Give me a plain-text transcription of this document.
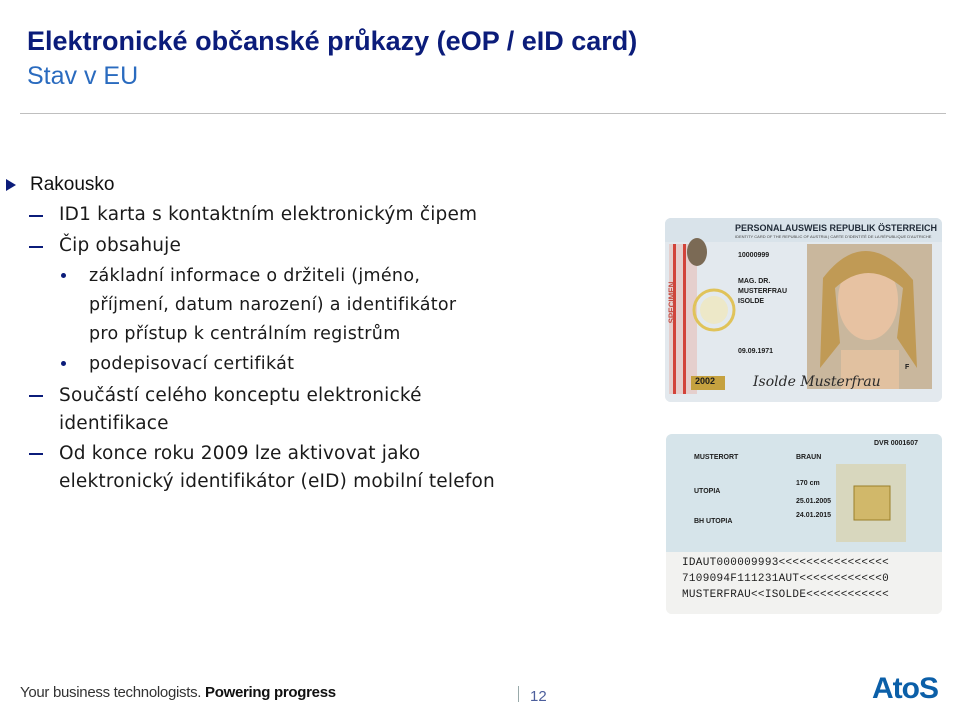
Elektronické občanské průkazy (eOP / eID card)
Stav v EU
Rakousko
ID1 karta s kontaktním elektronickým čipem
Čip obsahuje
základní informace o držiteli (jméno,
příjmení, datum narození) a identifikátor
pro přístup k centrálním registrům
podepisovací certifikát
Součástí celého konceptu elektronické
identifikace
Od konce roku 2009 lze aktivovat jako
elektronický identifikátor (eID) mobilní telefon
PERSONALAUSWEIS REPUBLIK ÖSTERREICH
IDENTITY CARD OF THE REPUBLIC OF AUSTRIA | CARTE D'IDENTITÉ DE LA RÉPUBLIQUE D'AUTRICHE
10000999
MAG. DR.
MUSTERFRAU
ISOLDE
09.09.1971
F
2002	Isolde Musterfrau
SPECIMEN
DVR 0001607
MUSTERORT	BRAUN
170 cm
UTOPIA
25.01.2005
24.01.2015
BH UTOPIA
IDAUT000009993<<<<<<<<<<<<<<<<
7109094F111231AUT<<<<<<<<<<<<0
MUSTERFRAU<<ISOLDE<<<<<<<<<<<<
Your business technologists. Powering progress	12	AtoS
